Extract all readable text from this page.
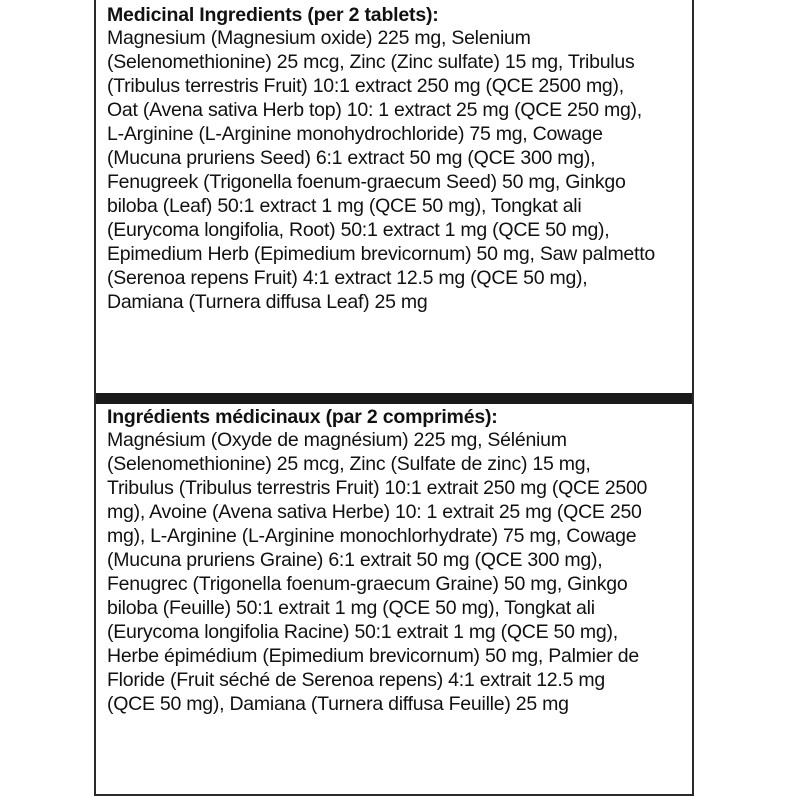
Medicinal Ingredients (per 2 tablets):
Magnesium (Magnesium oxide) 225 mg, Selenium
(Selenomethionine) 25 mcg, Zinc (Zinc sulfate) 15 mg, Tribulus
(Tribulus terrestris Fruit) 10:1 extract 250 mg (QCE 2500 mg),
Oat (Avena sativa Herb top) 10: 1 extract 25 mg (QCE 250 mg),
L-Arginine (L-Arginine monohydrochloride) 75 mg, Cowage
(Mucuna pruriens Seed) 6:1 extract 50 mg (QCE 300 mg),
Fenugreek (Trigonella foenum-graecum Seed) 50 mg, Ginkgo
biloba (Leaf) 50:1 extract 1 mg (QCE 50 mg), Tongkat ali
(Eurycoma longifolia, Root) 50:1 extract 1 mg (QCE 50 mg),
Epimedium Herb (Epimedium brevicornum) 50 mg, Saw palmetto
(Serenoa repens Fruit) 4:1 extract 12.5 mg (QCE 50 mg),
Damiana (Turnera diffusa Leaf) 25 mg
Ingrédients médicinaux (par 2 comprimés):
Magnésium (Oxyde de magnésium) 225 mg, Sélénium
(Selenomethionine) 25 mcg, Zinc (Sulfate de zinc) 15 mg,
Tribulus (Tribulus terrestris Fruit) 10:1 extrait 250 mg (QCE 2500
mg), Avoine (Avena sativa Herbe) 10: 1 extrait 25 mg (QCE 250
mg), L-Arginine (L-Arginine monochlorhydrate) 75 mg, Cowage
(Mucuna pruriens Graine) 6:1 extrait 50 mg (QCE 300 mg),
Fenugrec (Trigonella foenum-graecum Graine) 50 mg, Ginkgo
biloba (Feuille) 50:1 extrait 1 mg (QCE 50 mg), Tongkat ali
(Eurycoma longifolia Racine) 50:1 extrait 1 mg (QCE 50 mg),
Herbe épimédium (Epimedium brevicornum) 50 mg, Palmier de
Floride (Fruit séché de Serenoa repens) 4:1 extrait 12.5 mg
(QCE 50 mg), Damiana (Turnera diffusa Feuille) 25 mg
